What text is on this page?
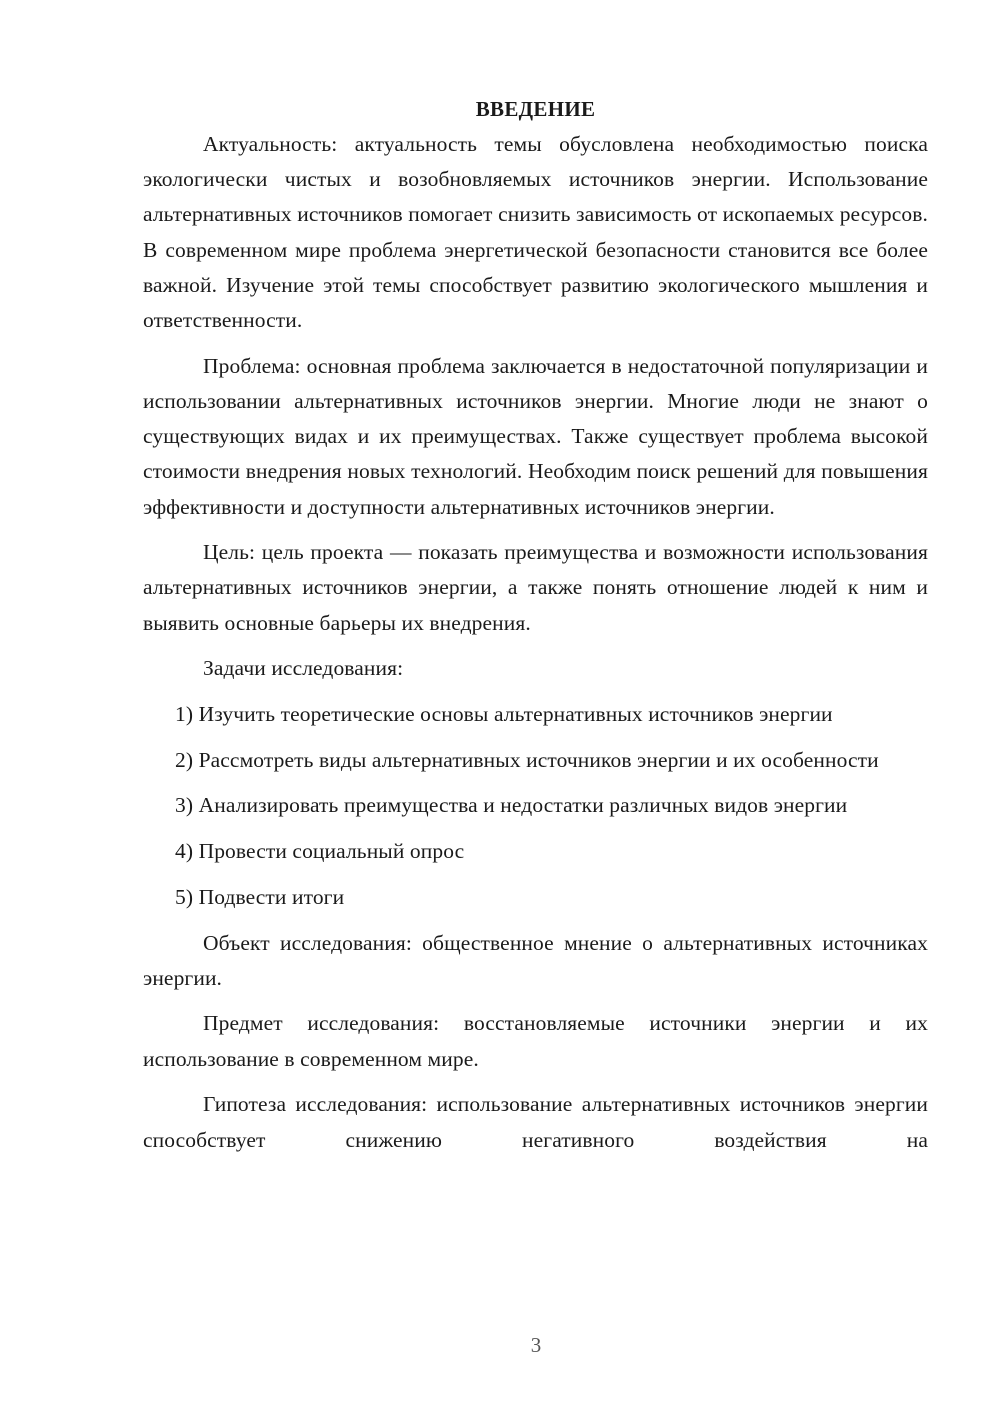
ВВЕДЕНИЕ

Актуальность: актуальность темы обусловлена необходимостью поиска экологически чистых и возобновляемых источников энергии. Использование альтернативных источников помогает снизить зависимость от ископаемых ресурсов. В современном мире проблема энергетической безопасности становится все более важной. Изучение этой темы способствует развитию экологического мышления и ответственности.

Проблема: основная проблема заключается в недостаточной популяризации и использовании альтернативных источников энергии. Многие люди не знают о существующих видах и их преимуществах. Также существует проблема высокой стоимости внедрения новых технологий. Необходим поиск решений для повышения эффективности и доступности альтернативных источников энергии.

Цель: цель проекта — показать преимущества и возможности использования альтернативных источников энергии, а также понять отношение людей к ним и выявить основные барьеры их внедрения.

Задачи исследования:

1) Изучить теоретические основы альтернативных источников энергии

2) Рассмотреть виды альтернативных источников энергии и их особенности

3) Анализировать преимущества и недостатки различных видов энергии

4) Провести социальный опрос

5) Подвести итоги

Объект исследования: общественное мнение о альтернативных источниках энергии.

Предмет исследования: восстановляемые источники энергии и их использование в современном мире.

Гипотеза исследования: использование альтернативных источников энергии способствует снижению негативного воздействия на

3
